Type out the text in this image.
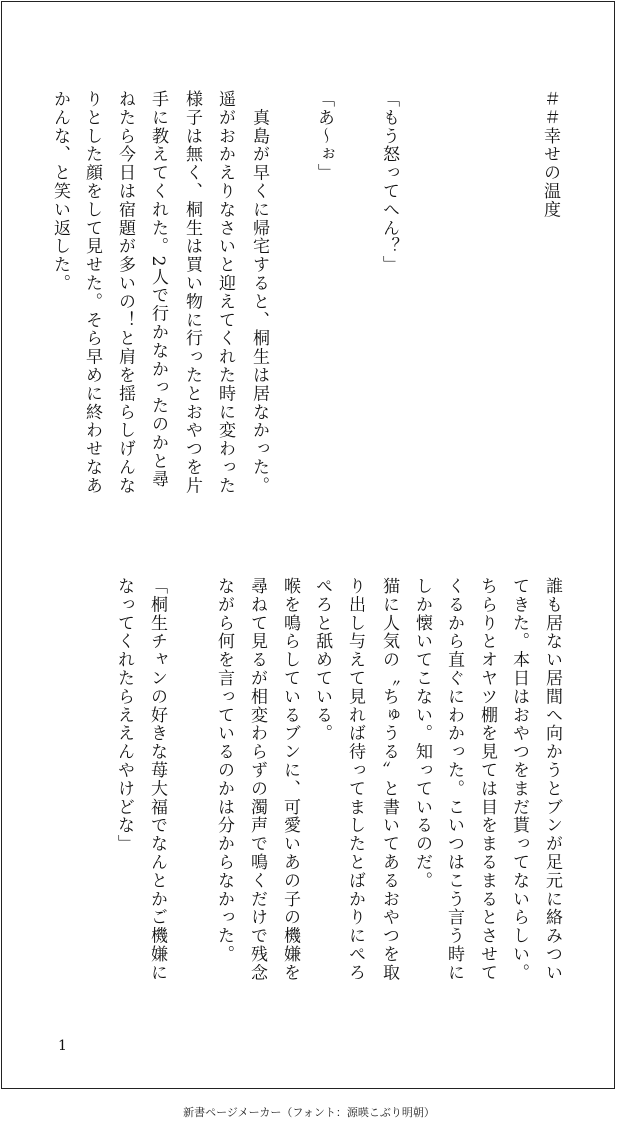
＃＃幸せの温度
「もう怒ってへん？」
「あ〜ぉ」
　真島が早くに帰宅すると、桐生は居なかった。
遥がおかえりなさいと迎えてくれた時に変わった
様子は無く、桐生は買い物に行ったとおやつを片
手に教えてくれた。2人で行かなかったのかと尋
ねたら今日は宿題が多いの！と肩を揺らしげんな
りとした顔をして見せた。そら早めに終わせなあ
かんな、と笑い返した。
誰も居ない居間へ向かうとブンが足元に絡みつい
てきた。本日はおやつをまだ貰ってないらしい。
ちらりとオヤツ棚を見ては目をまるまるとさせて
くるから直ぐにわかった。こいつはこう言う時に
しか懐いてこない。知っているのだ。
猫に人気の〝ちゅうる〟と書いてあるおやつを取
り出し与えて見れば待ってましたとばかりにぺろ
ぺろと舐めている。
喉を鳴らしているブンに、可愛いあの子の機嫌を
尋ねて見るが相変わらずの濁声で鳴くだけで残念
ながら何を言っているのかは分からなかった。
「桐生チャンの好きな苺大福でなんとかご機嫌に
なってくれたらええんやけどな」
1
新書ページメーカー（フォント：源暎こぶり明朝）
